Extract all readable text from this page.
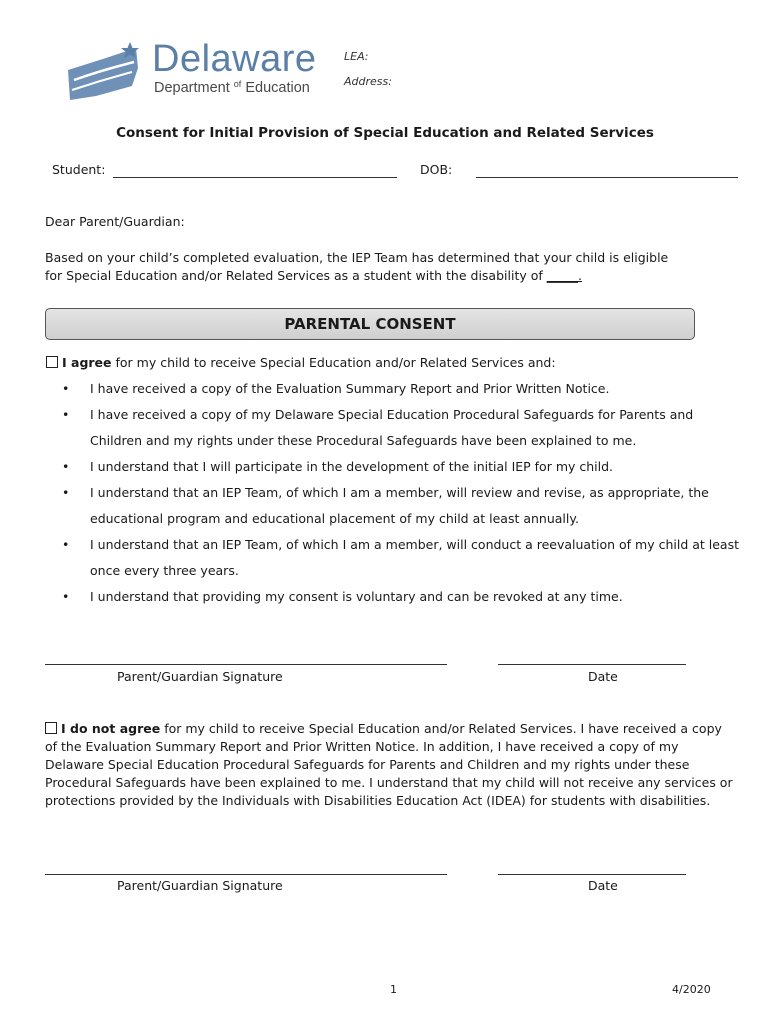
Delaware
Department $^{of}$ Education
LEA:
Address:
Consent for Initial Provision of Special Education and Related Services
Student:	DOB:
Dear Parent/Guardian:
Based on your child’s completed evaluation, the IEP Team has determined that your child is eligible
for Special Education and/or Related Services as a student with the disability of _____.
PARENTAL CONSENT
I agree for my child to receive Special Education and/or Related Services and:
• I have received a copy of the Evaluation Summary Report and Prior Written Notice.
• I have received a copy of my Delaware Special Education Procedural Safeguards for Parents and Children and my rights under these Procedural Safeguards have been explained to me.
• I understand that I will participate in the development of the initial IEP for my child.
• I understand that an IEP Team, of which I am a member, will review and revise, as appropriate, the educational program and educational placement of my child at least annually.
• I understand that an IEP Team, of which I am a member, will conduct a reevaluation of my child at least once every three years.
• I understand that providing my consent is voluntary and can be revoked at any time.
Parent/Guardian Signature	Date
I do not agree for my child to receive Special Education and/or Related Services. I have received a copy of the Evaluation Summary Report and Prior Written Notice. In addition, I have received a copy of my Delaware Special Education Procedural Safeguards for Parents and Children and my rights under these Procedural Safeguards have been explained to me. I understand that my child will not receive any services or protections provided by the Individuals with Disabilities Education Act (IDEA) for students with disabilities.
Parent/Guardian Signature	Date
1	4/2020
